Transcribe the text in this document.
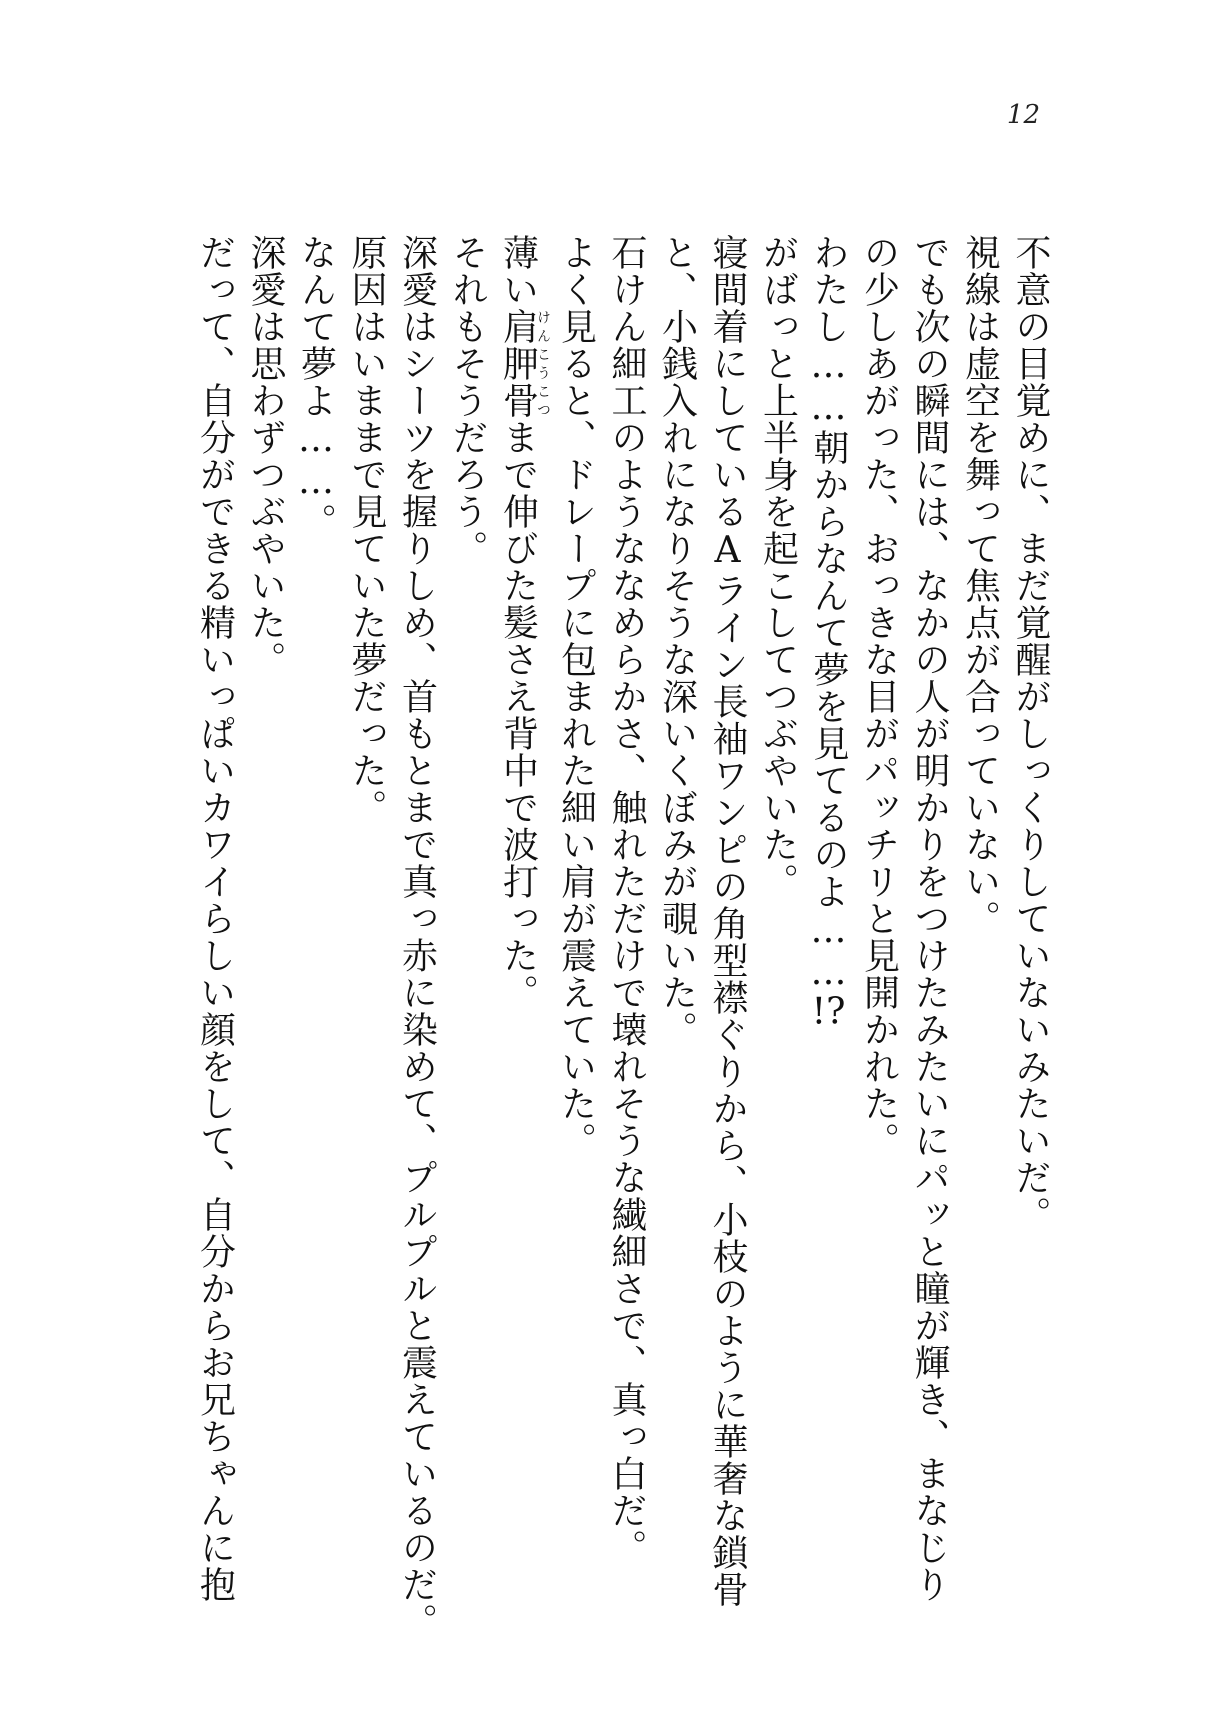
12
不意の目覚めに、まだ覚醒がしっくりしていないみたいだ。
視線は虚空を舞って焦点が合っていない。
でも次の瞬間には、なかの人が明かりをつけたみたいにパッと瞳が輝き、まなじり
の少しあがった、おっきな目がパッチリと見開かれた。
わたし……朝からなんて夢を見てるのよ……!?
がばっと上半身を起こしてつぶやいた。
寝間着にしているAライン長袖ワンピの角型襟ぐりから、小枝のように華奢な鎖骨
と、小銭入れになりそうな深いくぼみが覗いた。
石けん細工のようななめらかさ、触れただけで壊れそうな繊細さで、真っ白だ。
よく見ると、ドレープに包まれた細い肩が震えていた。
薄い肩胛骨けんこうこつまで伸びた髪さえ背中で波打った。
それもそうだろう。
深愛はシーツを握りしめ、首もとまで真っ赤に染めて、プルプルと震えているのだ。
原因はいままで見ていた夢だった。
なんて夢よ……。
深愛は思わずつぶやいた。
だって、自分ができる精いっぱいカワイらしい顔をして、自分からお兄ちゃんに抱
